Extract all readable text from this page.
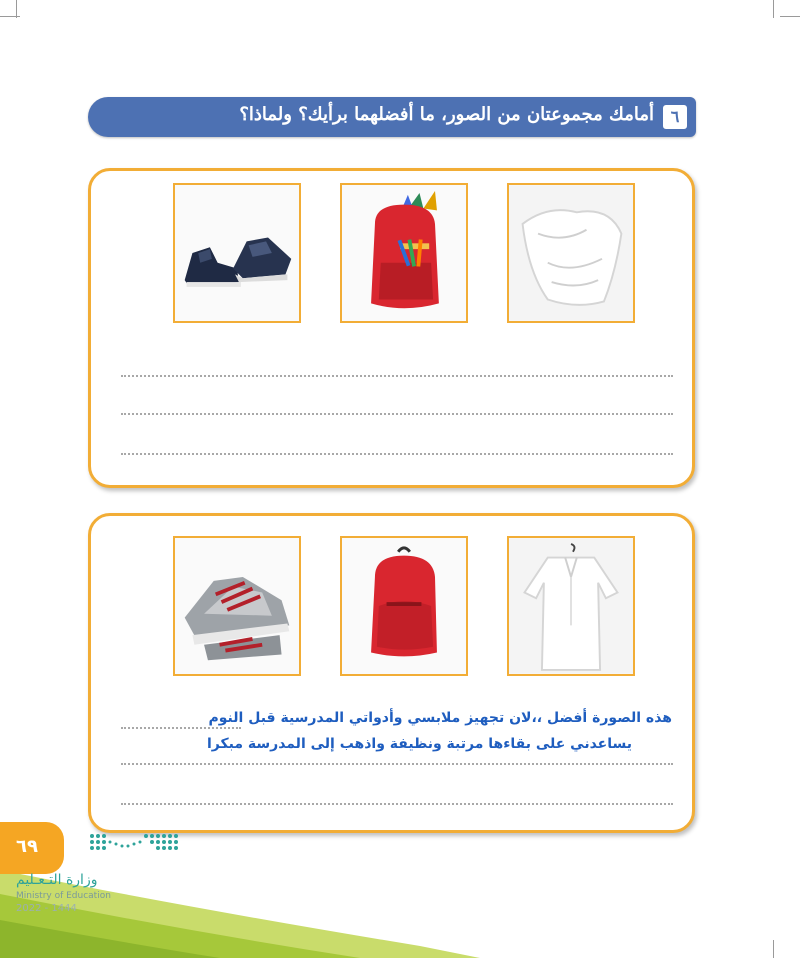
٦
أمامك مجموعتان من الصور، ما أفضلهما برأيك؟ ولماذا؟
هذه الصورة أفضل ،،لان تجهيز ملابسي وأدواتي المدرسية قبل النوم
يساعدني على بقاءها مرتبة ونظيفة واذهب إلى المدرسة مبكرا
٦٩
وزارة التـعـليم
Ministry of Education
2022 - 1444
